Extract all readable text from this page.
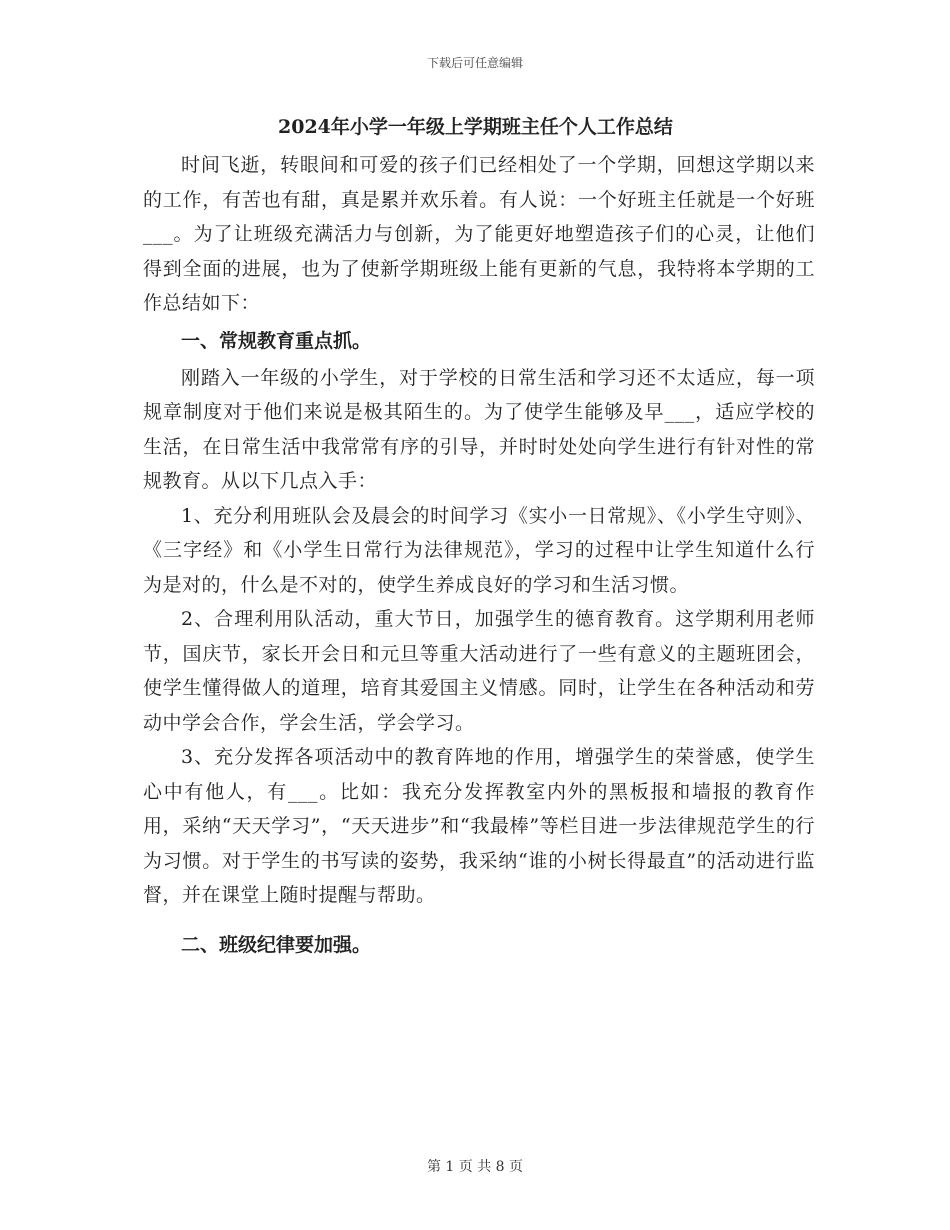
下载后可任意编辑
2024年小学一年级上学期班主任个人工作总结

时间飞逝，转眼间和可爱的孩子们已经相处了一个学期，回想这学期以来的工作，有苦也有甜，真是累并欢乐着。有人说：一个好班主任就是一个好班___。为了让班级充满活力与创新，为了能更好地塑造孩子们的心灵，让他们得到全面的进展，也为了使新学期班级上能有更新的气息，我特将本学期的工作总结如下：

一、常规教育重点抓。

刚踏入一年级的小学生，对于学校的日常生活和学习还不太适应，每一项规章制度对于他们来说是极其陌生的。为了使学生能够及早___，适应学校的生活，在日常生活中我常常有序的引导，并时时处处向学生进行有针对性的常规教育。从以下几点入手：

1、充分利用班队会及晨会的时间学习《实小一日常规》、《小学生守则》、《三字经》和《小学生日常行为法律规范》，学习的过程中让学生知道什么行为是对的，什么是不对的，使学生养成良好的学习和生活习惯。

2、合理利用队活动，重大节日，加强学生的德育教育。这学期利用老师节，国庆节，家长开会日和元旦等重大活动进行了一些有意义的主题班团会，使学生懂得做人的道理，培育其爱国主义情感。同时，让学生在各种活动和劳动中学会合作，学会生活，学会学习。

3、充分发挥各项活动中的教育阵地的作用，增强学生的荣誉感，使学生心中有他人，有___。比如：我充分发挥教室内外的黑板报和墙报的教育作用，采纳“天天学习”，“天天进步”和“我最棒”等栏目进一步法律规范学生的行为习惯。对于学生的书写读的姿势，我采纳“谁的小树长得最直”的活动进行监督，并在课堂上随时提醒与帮助。

二、班级纪律要加强。
第 1 页 共 8 页
